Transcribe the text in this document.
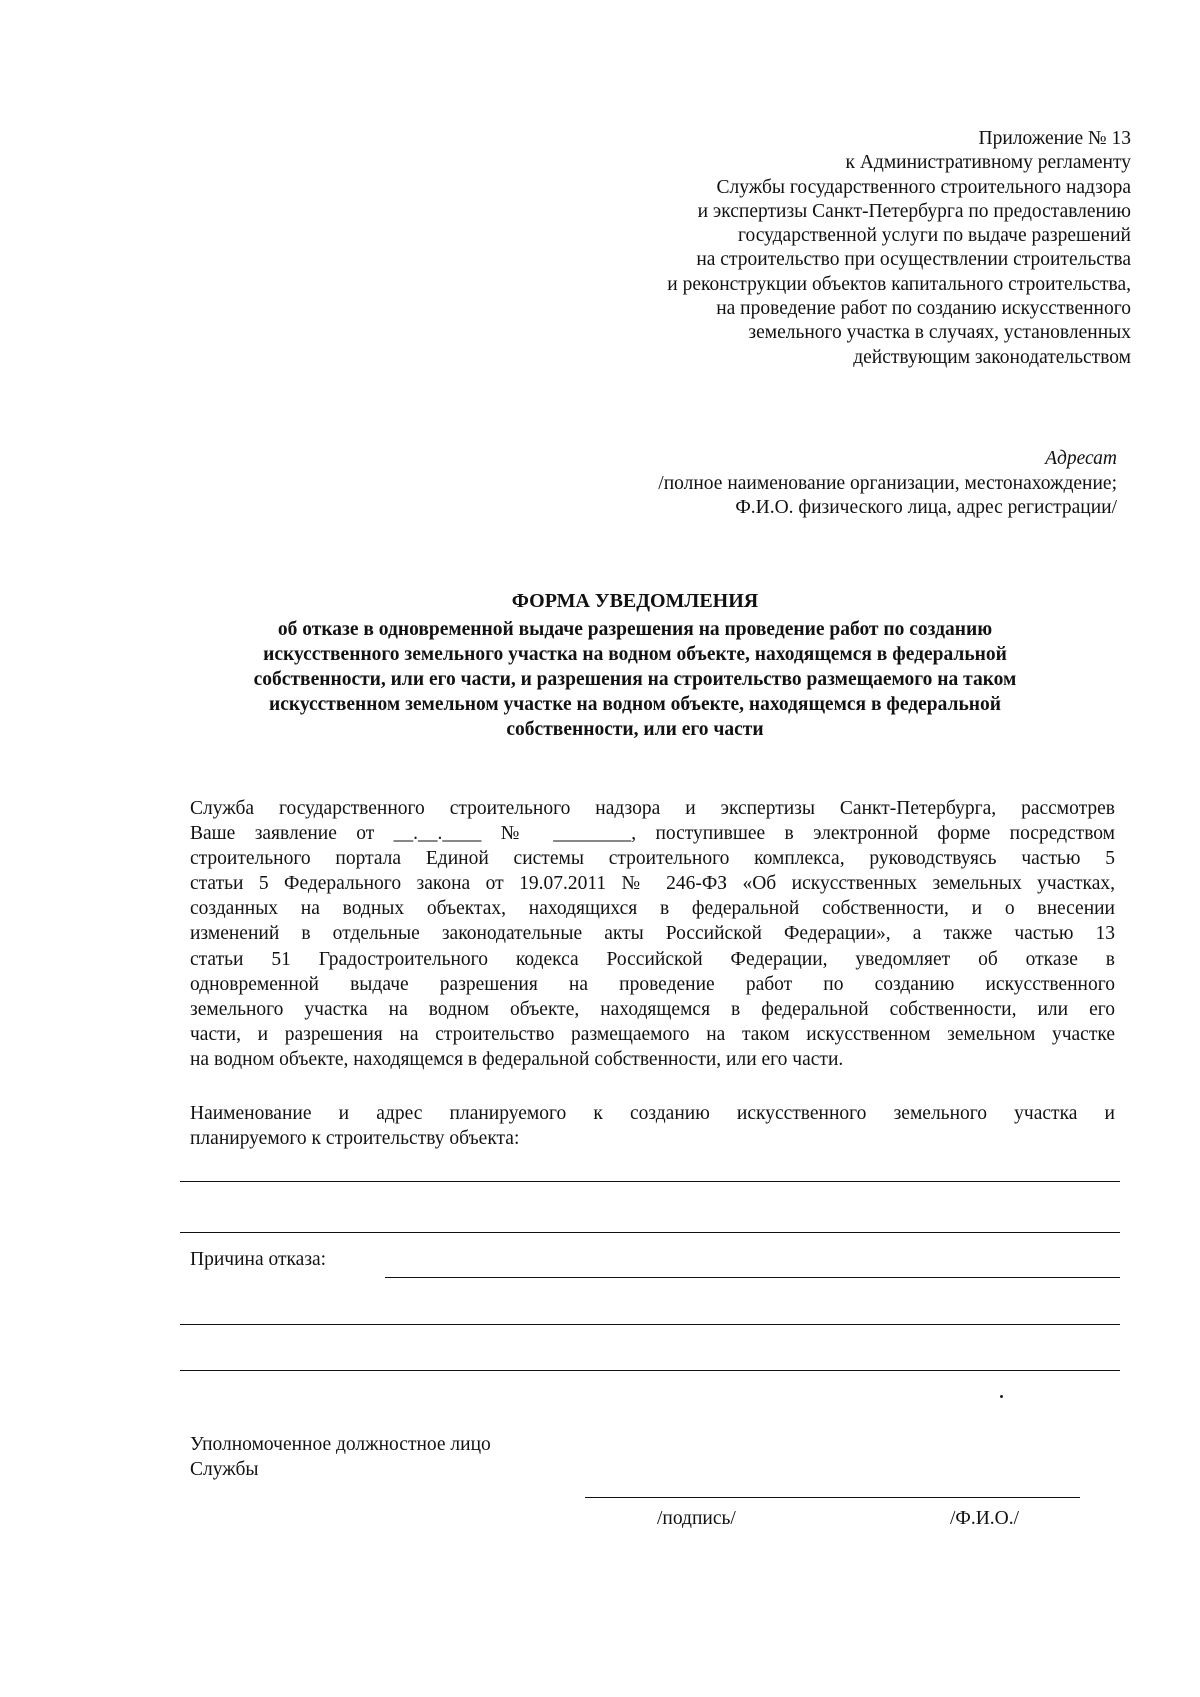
Приложение № 13
к Административному регламенту
Службы государственного строительного надзора
и экспертизы Санкт-Петербурга по предоставлению
государственной услуги по выдаче разрешений
на строительство при осуществлении строительства
и реконструкции объектов капитального строительства,
на проведение работ по созданию искусственного
земельного участка в случаях, установленных
действующим законодательством
Адресат
/полное наименование организации, местонахождение;
Ф.И.О. физического лица, адрес регистрации/
ФОРМА УВЕДОМЛЕНИЯ
об отказе в одновременной выдаче разрешения на проведение работ по созданию
искусственного земельного участка на водном объекте, находящемся в федеральной
собственности, или его части, и разрешения на строительство размещаемого на таком
искусственном земельном участке на водном объекте, находящемся в федеральной
собственности, или его части
Служба государственного строительного надзора и экспертизы Санкт-Петербурга, рассмотрев
Ваше заявление от __.__.____ № ________, поступившее в электронной форме посредством
строительного портала Единой системы строительного комплекса, руководствуясь частью 5
статьи 5 Федерального закона от 19.07.2011 № 246-ФЗ «Об искусственных земельных участках,
созданных на водных объектах, находящихся в федеральной собственности, и о внесении
изменений в отдельные законодательные акты Российской Федерации», а также частью 13
статьи 51 Градостроительного кодекса Российской Федерации, уведомляет об отказе в
одновременной выдаче разрешения на проведение работ по созданию искусственного
земельного участка на водном объекте, находящемся в федеральной собственности, или его
части, и разрешения на строительство размещаемого на таком искусственном земельном участке
на водном объекте, находящемся в федеральной собственности, или его части.
Наименование и адрес планируемого к созданию искусственного земельного участка и
планируемого к строительству объекта:
Причина отказа:
Уполномоченное должностное лицо
Службы
/подпись/	/Ф.И.О./
